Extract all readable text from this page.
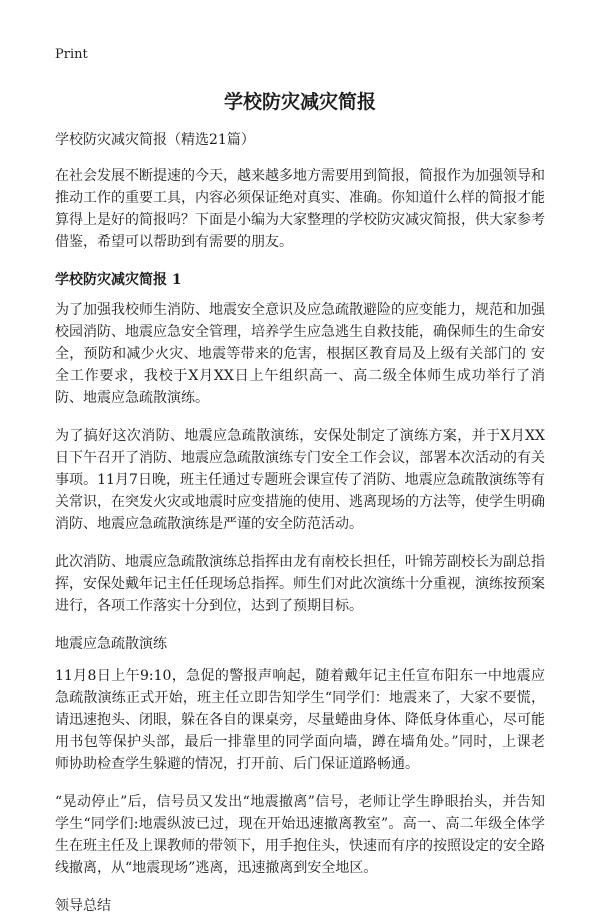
Print
学校防灾减灾简报

学校防灾减灾简报（精选21篇）

在社会发展不断提速的今天，越来越多地方需要用到简报，简报作为加强领导和推动工作的重要工具，内容必须保证绝对真实、准确。你知道什么样的简报才能算得上是好的简报吗？下面是小编为大家整理的学校防灾减灾简报，供大家参考借鉴，希望可以帮助到有需要的朋友。

学校防灾减灾简报 1

为了加强我校师生消防、地震安全意识及应急疏散避险的应变能力，规范和加强校园消防、地震应急安全管理，培养学生应急逃生自救技能，确保师生的生命安全，预防和减少火灾、地震等带来的危害，根据区教育局及上级有关部门的 安全工作要求，我校于X月XX日上午组织高一、高二级全体师生成功举行了消防、地震应急疏散演练。

为了搞好这次消防、地震应急疏散演练，安保处制定了演练方案，并于X月XX日下午召开了消防、地震应急疏散演练专门安全工作会议，部署本次活动的有关事项。11月7日晚，班主任通过专题班会课宣传了消防、地震应急疏散演练等有关常识，在突发火灾或地震时应变措施的使用、逃离现场的方法等，使学生明确消防、地震应急疏散演练是严谨的安全防范活动。

此次消防、地震应急疏散演练总指挥由龙有南校长担任，叶锦芳副校长为副总指挥，安保处戴年记主任任现场总指挥。师生们对此次演练十分重视，演练按预案进行，各项工作落实十分到位，达到了预期目标。

地震应急疏散演练

11月8日上午9:10，急促的警报声响起，随着戴年记主任宣布阳东一中地震应急疏散演练正式开始，班主任立即告知学生“同学们：地震来了，大家不要慌，请迅速抱头、闭眼，躲在各自的课桌旁，尽量蜷曲身体、降低身体重心，尽可能用书包等保护头部，最后一排靠里的同学面向墙，蹲在墙角处。”同时，上课老师协助检查学生躲避的情况，打开前、后门保证道路畅通。

“晃动停止”后，信号员又发出“地震撤离”信号，老师让学生睁眼抬头，并告知学生“同学们:地震纵波已过，现在开始迅速撤离教室”。高一、高二年级全体学生在班主任及上课教师的带领下，用手抱住头，快速而有序的按照设定的安全路线撤离，从“地震现场”逃离，迅速撤离到安全地区。

领导总结
